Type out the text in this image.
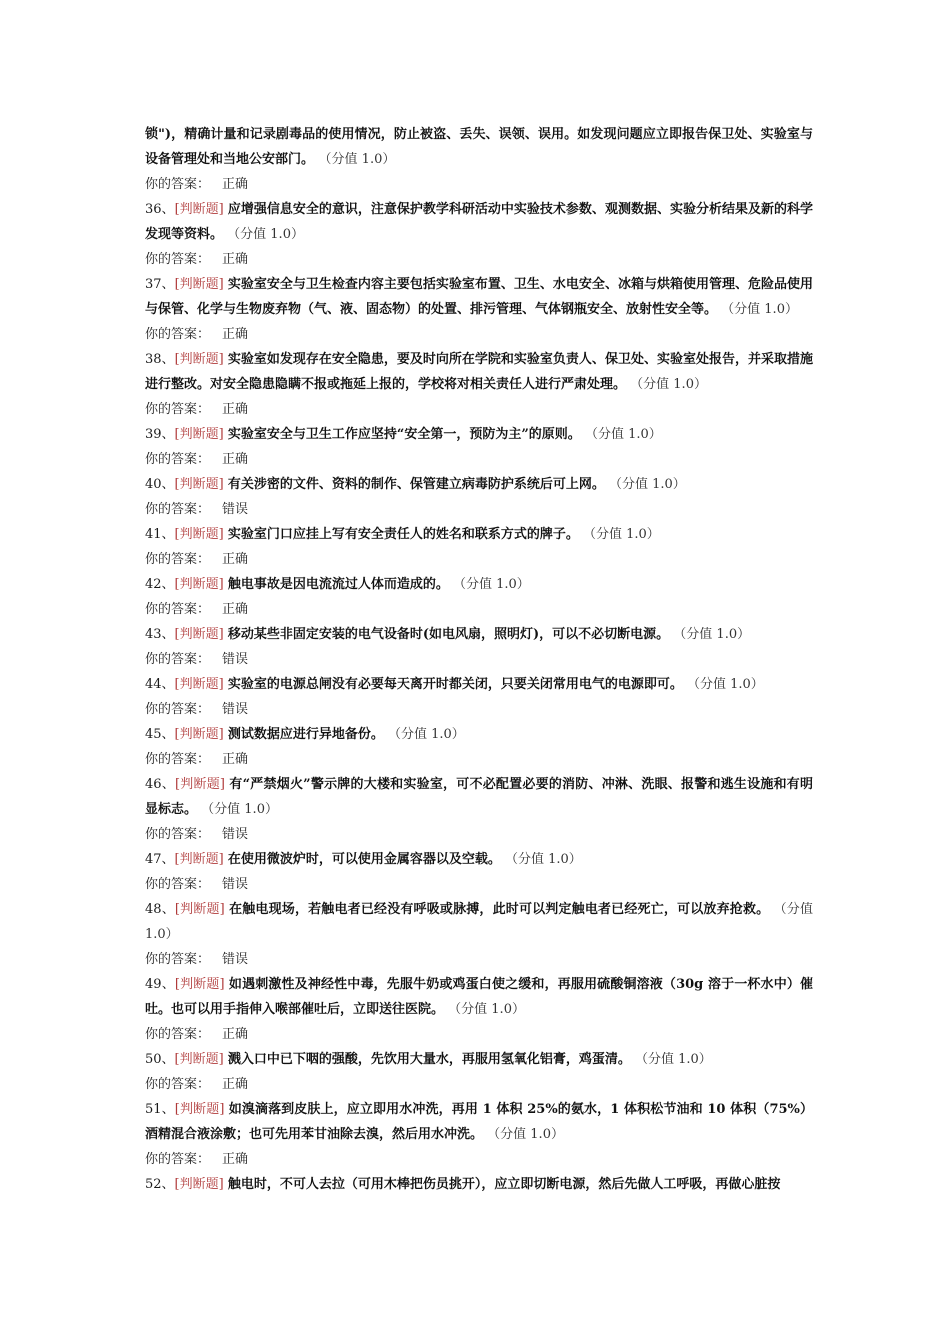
锁")，精确计量和记录剧毒品的使用情况，防止被盗、丢失、误领、误用。如发现问题应立即报告保卫处、实验室与设备管理处和当地公安部门。 （分值 1.0）
你的答案： 正确
36、[判断题] 应增强信息安全的意识，注意保护教学科研活动中实验技术参数、观测数据、实验分析结果及新的科学发现等资料。 （分值 1.0）
你的答案： 正确
37、[判断题] 实验室安全与卫生检查内容主要包括实验室布置、卫生、水电安全、冰箱与烘箱使用管理、危险品使用与保管、化学与生物废弃物（气、液、固态物）的处置、排污管理、气体钢瓶安全、放射性安全等。 （分值 1.0）
你的答案： 正确
38、[判断题] 实验室如发现存在安全隐患，要及时向所在学院和实验室负责人、保卫处、实验室处报告，并采取措施进行整改。对安全隐患隐瞒不报或拖延上报的，学校将对相关责任人进行严肃处理。 （分值 1.0）
你的答案： 正确
39、[判断题] 实验室安全与卫生工作应坚持“安全第一，预防为主”的原则。 （分值 1.0）
你的答案： 正确
40、[判断题] 有关涉密的文件、资料的制作、保管建立病毒防护系统后可上网。 （分值 1.0）
你的答案： 错误
41、[判断题] 实验室门口应挂上写有安全责任人的姓名和联系方式的牌子。 （分值 1.0）
你的答案： 正确
42、[判断题] 触电事故是因电流流过人体而造成的。 （分值 1.0）
你的答案： 正确
43、[判断题] 移动某些非固定安装的电气设备时(如电风扇，照明灯)，可以不必切断电源。 （分值 1.0）
你的答案： 错误
44、[判断题] 实验室的电源总闸没有必要每天离开时都关闭，只要关闭常用电气的电源即可。 （分值 1.0）
你的答案： 错误
45、[判断题] 测试数据应进行异地备份。 （分值 1.0）
你的答案： 正确
46、[判断题] 有“严禁烟火”警示牌的大楼和实验室，可不必配置必要的消防、冲淋、洗眼、报警和逃生设施和有明显标志。 （分值 1.0）
你的答案： 错误
47、[判断题] 在使用微波炉时，可以使用金属容器以及空载。 （分值 1.0）
你的答案： 错误
48、[判断题] 在触电现场，若触电者已经没有呼吸或脉搏，此时可以判定触电者已经死亡，可以放弃抢救。 （分值 1.0）
你的答案： 错误
49、[判断题] 如遇刺激性及神经性中毒，先服牛奶或鸡蛋白使之缓和，再服用硫酸铜溶液（30g 溶于一杯水中）催吐。也可以用手指伸入喉部催吐后，立即送往医院。 （分值 1.0）
你的答案： 正确
50、[判断题] 溅入口中已下咽的强酸，先饮用大量水，再服用氢氧化铝膏，鸡蛋清。 （分值 1.0）
你的答案： 正确
51、[判断题] 如溴滴落到皮肤上，应立即用水冲洗，再用 1 体积 25%的氨水，1 体积松节油和 10 体积（75%）酒精混合液涂敷；也可先用苯甘油除去溴，然后用水冲洗。 （分值 1.0）
你的答案： 正确
52、[判断题] 触电时，不可人去拉（可用木棒把伤员挑开），应立即切断电源，然后先做人工呼吸，再做心脏按
